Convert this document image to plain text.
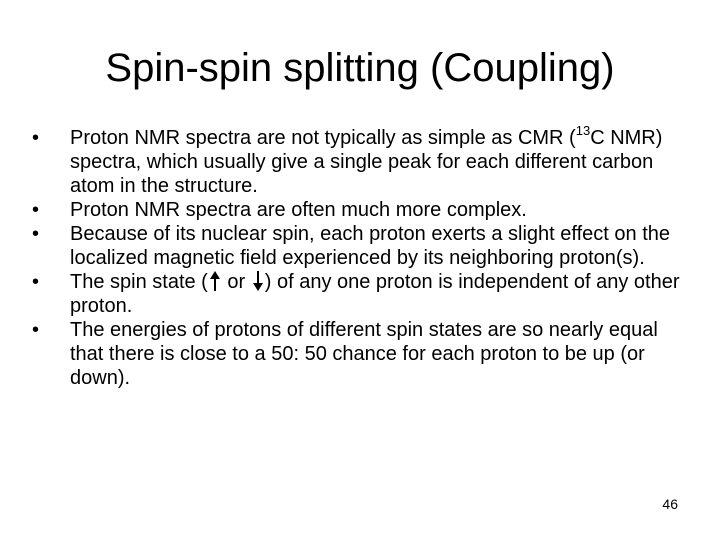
Spin-spin splitting (Coupling)
• Proton NMR spectra are not typically as simple as CMR ($^{13}$C NMR) spectra, which usually give a single peak for each different carbon atom in the structure.
• Proton NMR spectra are often much more complex.
• Because of its nuclear spin, each proton exerts a slight effect on the localized magnetic field experienced by its neighboring proton(s).
• The spin state ( or ) of any one proton is independent of any other proton.
• The energies of protons of different spin states are so nearly equal that there is close to a 50: 50 chance for each proton to be up (or down).
46
